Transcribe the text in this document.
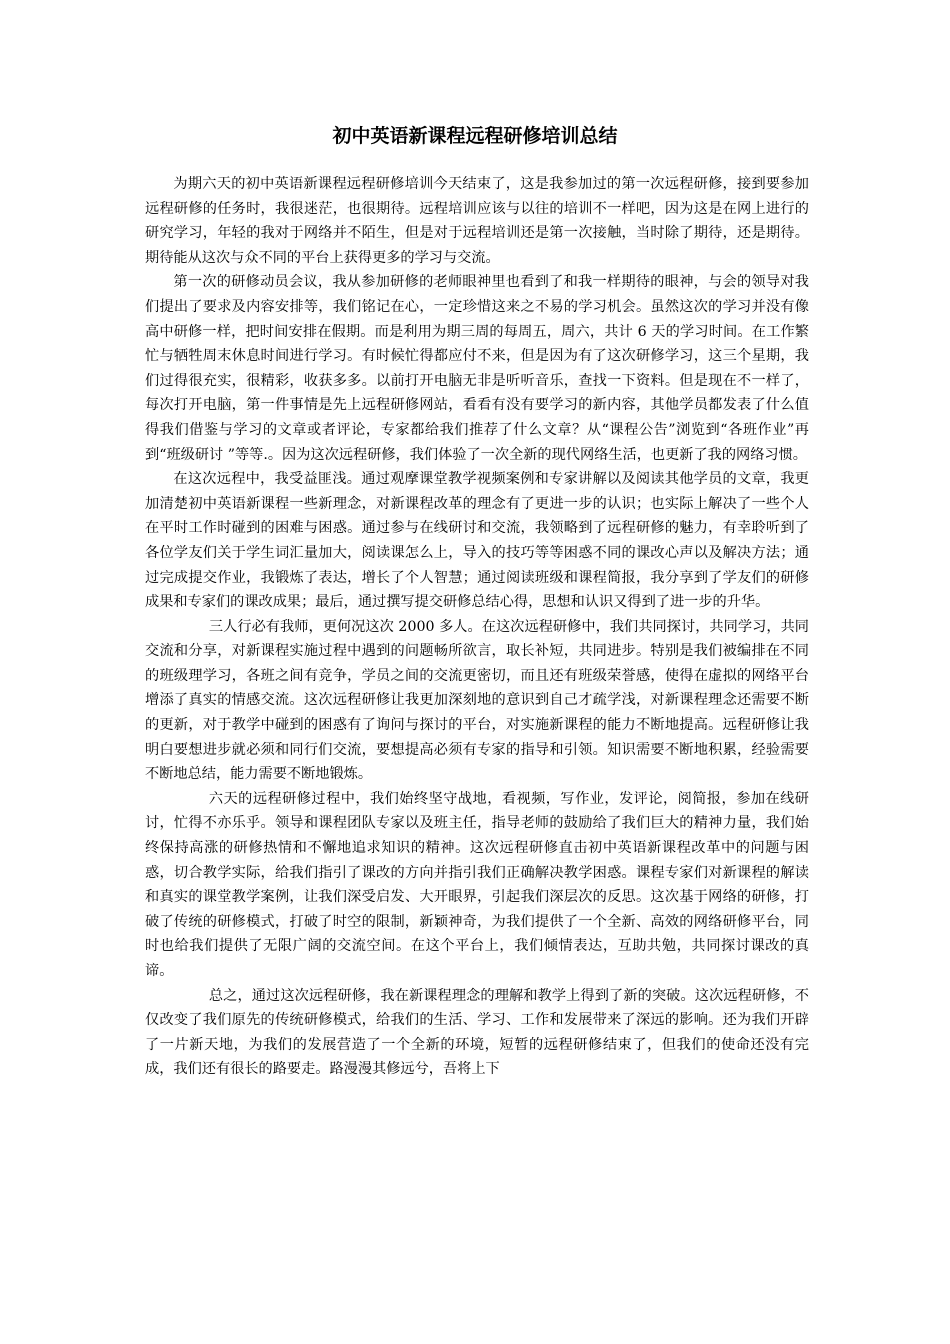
初中英语新课程远程研修培训总结

为期六天的初中英语新课程远程研修培训今天结束了，这是我参加过的第一次远程研修，接到要参加远程研修的任务时，我很迷茫，也很期待。远程培训应该与以往的培训不一样吧，因为这是在网上进行的研究学习，年轻的我对于网络并不陌生，但是对于远程培训还是第一次接触，当时除了期待，还是期待。期待能从这次与众不同的平台上获得更多的学习与交流。

第一次的研修动员会议，我从参加研修的老师眼神里也看到了和我一样期待的眼神，与会的领导对我们提出了要求及内容安排等，我们铭记在心，一定珍惜这来之不易的学习机会。虽然这次的学习并没有像高中研修一样，把时间安排在假期。而是利用为期三周的每周五，周六，共计 6 天的学习时间。在工作繁忙与牺牲周末休息时间进行学习。有时候忙得都应付不来，但是因为有了这次研修学习，这三个星期，我们过得很充实，很精彩，收获多多。以前打开电脑无非是听听音乐，查找一下资料。但是现在不一样了，每次打开电脑，第一件事情是先上远程研修网站，看看有没有要学习的新内容，其他学员都发表了什么值得我们借鉴与学习的文章或者评论，专家都给我们推荐了什么文章？从“课程公告”浏览到“各班作业”再到“班级研讨 ”等等.。因为这次远程研修，我们体验了一次全新的现代网络生活，也更新了我的网络习惯。

在这次远程中，我受益匪浅。通过观摩课堂教学视频案例和专家讲解以及阅读其他学员的文章，我更加清楚初中英语新课程一些新理念，对新课程改革的理念有了更进一步的认识；也实际上解决了一些个人在平时工作时碰到的困难与困惑。通过参与在线研讨和交流，我领略到了远程研修的魅力，有幸聆听到了各位学友们关于学生词汇量加大，阅读课怎么上，导入的技巧等等困惑不同的课改心声以及解决方法；通过完成提交作业，我锻炼了表达，增长了个人智慧；通过阅读班级和课程简报，我分享到了学友们的研修成果和专家们的课改成果；最后，通过撰写提交研修总结心得，思想和认识又得到了进一步的升华。

三人行必有我师，更何况这次 2000 多人。在这次远程研修中，我们共同探讨，共同学习，共同交流和分享，对新课程实施过程中遇到的问题畅所欲言，取长补短，共同进步。特别是我们被编排在不同的班级理学习，各班之间有竞争，学员之间的交流更密切，而且还有班级荣誉感，使得在虚拟的网络平台增添了真实的情感交流。这次远程研修让我更加深刻地的意识到自己才疏学浅，对新课程理念还需要不断的更新，对于教学中碰到的困惑有了询问与探讨的平台，对实施新课程的能力不断地提高。远程研修让我明白要想进步就必须和同行们交流，要想提高必须有专家的指导和引领。知识需要不断地积累，经验需要不断地总结，能力需要不断地锻炼。

六天的远程研修过程中，我们始终坚守战地，看视频，写作业，发评论，阅简报，参加在线研讨，忙得不亦乐乎。领导和课程团队专家以及班主任，指导老师的鼓励给了我们巨大的精神力量，我们始终保持高涨的研修热情和不懈地追求知识的精神。这次远程研修直击初中英语新课程改革中的问题与困惑，切合教学实际，给我们指引了课改的方向并指引我们正确解决教学困惑。课程专家们对新课程的解读和真实的课堂教学案例，让我们深受启发、大开眼界，引起我们深层次的反思。这次基于网络的研修，打破了传统的研修模式，打破了时空的限制，新颖神奇，为我们提供了一个全新、高效的网络研修平台，同时也给我们提供了无限广阔的交流空间。在这个平台上，我们倾情表达，互助共勉，共同探讨课改的真谛。

总之，通过这次远程研修，我在新课程理念的理解和教学上得到了新的突破。这次远程研修，不仅改变了我们原先的传统研修模式，给我们的生活、学习、工作和发展带来了深远的影响。还为我们开辟了一片新天地，为我们的发展营造了一个全新的环境，短暂的远程研修结束了，但我们的使命还没有完成，我们还有很长的路要走。路漫漫其修远兮，吾将上下
